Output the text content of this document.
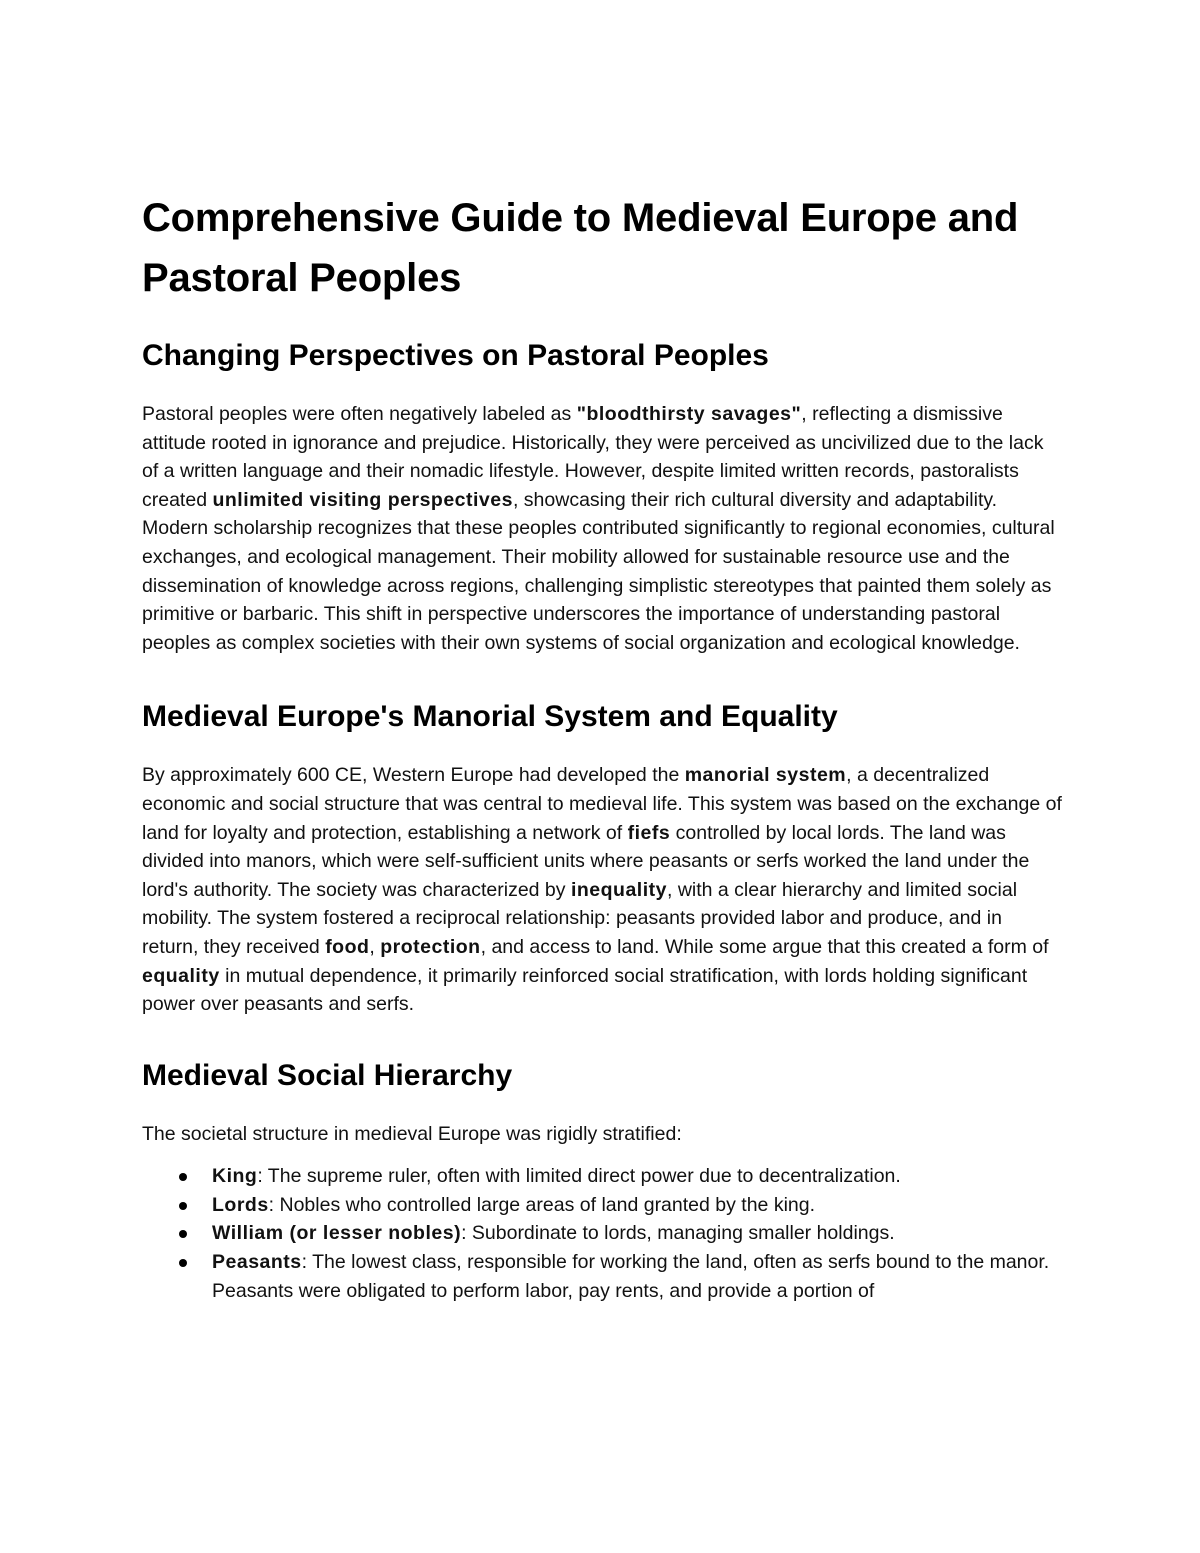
Comprehensive Guide to Medieval Europe and Pastoral Peoples
Changing Perspectives on Pastoral Peoples

Pastoral peoples were often negatively labeled as "bloodthirsty savages", reflecting a dismissive attitude rooted in ignorance and prejudice. Historically, they were perceived as uncivilized due to the lack of a written language and their nomadic lifestyle. However, despite limited written records, pastoralists created unlimited visiting perspectives, showcasing their rich cultural diversity and adaptability. Modern scholarship recognizes that these peoples contributed significantly to regional economies, cultural exchanges, and ecological management. Their mobility allowed for sustainable resource use and the dissemination of knowledge across regions, challenging simplistic stereotypes that painted them solely as primitive or barbaric. This shift in perspective underscores the importance of understanding pastoral peoples as complex societies with their own systems of social organization and ecological knowledge.

Medieval Europe's Manorial System and Equality

By approximately 600 CE, Western Europe had developed the manorial system, a decentralized economic and social structure that was central to medieval life. This system was based on the exchange of land for loyalty and protection, establishing a network of fiefs controlled by local lords. The land was divided into manors, which were self-sufficient units where peasants or serfs worked the land under the lord's authority. The society was characterized by inequality, with a clear hierarchy and limited social mobility. The system fostered a reciprocal relationship: peasants provided labor and produce, and in return, they received food, protection, and access to land. While some argue that this created a form of equality in mutual dependence, it primarily reinforced social stratification, with lords holding significant power over peasants and serfs.

Medieval Social Hierarchy

The societal structure in medieval Europe was rigidly stratified:

King: The supreme ruler, often with limited direct power due to decentralization.
Lords: Nobles who controlled large areas of land granted by the king.
William (or lesser nobles): Subordinate to lords, managing smaller holdings.
Peasants: The lowest class, responsible for working the land, often as serfs bound to the manor. Peasants were obligated to perform labor, pay rents, and provide a portion of
